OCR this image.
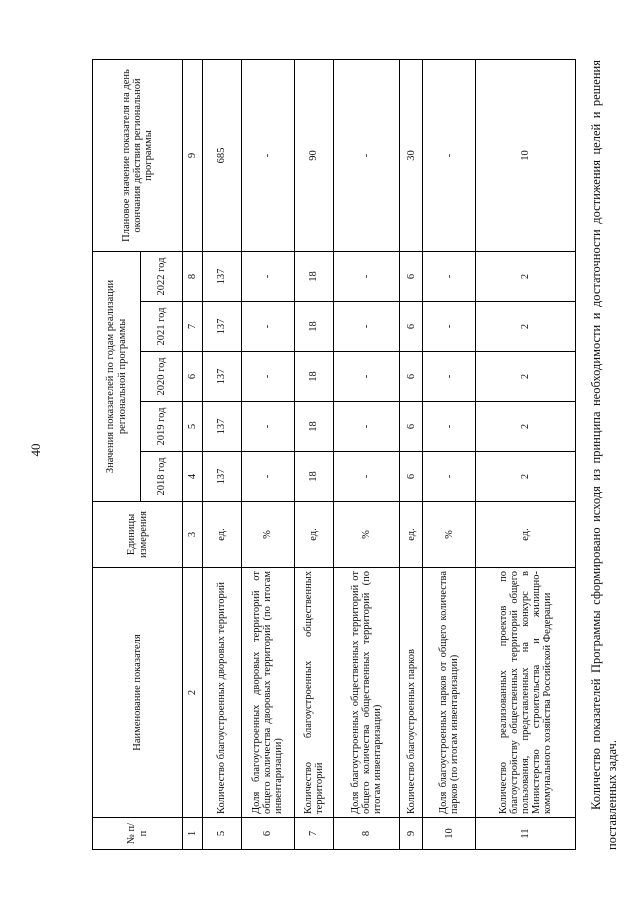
40
№ п/п	Наименование показателя	Единицы измерения	Значения показателей по годам реализации региональной программы					Плановое значение показателя на день окончания действия региональной программы
			2018 год	2019 год	2020 год	2021 год	2022 год	
1	2	3	4	5	6	7	8	9
5	Количество благоустроенных дворовых территорий	ед.	137	137	137	137	137	685
6	Доля благоустроенных дворовых территорий от общего количества дворовых территорий (по итогам инвентаризации)	%	-	-	-	-	-	-
7	Количество благоустроенных общественных территорий	ед.	18	18	18	18	18	90
8	Доля благоустроенных общественных территорий от общего количества общественных территорий (по итогам инвентаризации)	%	-	-	-	-	-	-
9	Количество благоустроенных парков	ед.	6	6	6	6	6	30
10	Доля благоустроенных парков от общего количества парков (по итогам инвентаризации)	%	-	-	-	-	-	-
11	Количество реализованных проектов по благоустройству общественных территорий общего пользования, представленных на конкурс в Министерство строительства и жилищно-коммунального хозяйства Российской Федерации	ед.	2	2	2	2	2	10	Количество показателей Программы сформировано исходя из принципа необходимости и достаточности достижения целей и решения поставленных задач.
